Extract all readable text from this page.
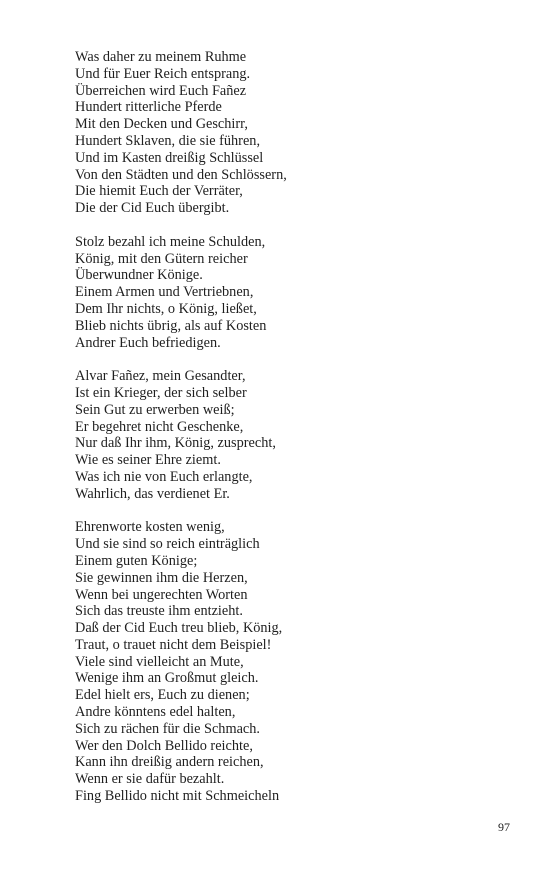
Was daher zu meinem Ruhme
Und für Euer Reich entsprang.
Überreichen wird Euch Fañez
Hundert ritterliche Pferde
Mit den Decken und Geschirr,
Hundert Sklaven, die sie führen,
Und im Kasten dreißig Schlüssel
Von den Städten und den Schlössern,
Die hiemit Euch der Verräter,
Die der Cid Euch übergibt.
Stolz bezahl ich meine Schulden,
König, mit den Gütern reicher
Überwundner Könige.
Einem Armen und Vertriebnen,
Dem Ihr nichts, o König, ließet,
Blieb nichts übrig, als auf Kosten
Andrer Euch befriedigen.
Alvar Fañez, mein Gesandter,
Ist ein Krieger, der sich selber
Sein Gut zu erwerben weiß;
Er begehret nicht Geschenke,
Nur daß Ihr ihm, König, zusprecht,
Wie es seiner Ehre ziemt.
Was ich nie von Euch erlangte,
Wahrlich, das verdienet Er.
Ehrenworte kosten wenig,
Und sie sind so reich einträglich
Einem guten Könige;
Sie gewinnen ihm die Herzen,
Wenn bei ungerechten Worten
Sich das treuste ihm entzieht.
Daß der Cid Euch treu blieb, König,
Traut, o trauet nicht dem Beispiel!
Viele sind vielleicht an Mute,
Wenige ihm an Großmut gleich.
Edel hielt ers, Euch zu dienen;
Andre könntens edel halten,
Sich zu rächen für die Schmach.
Wer den Dolch Bellido reichte,
Kann ihn dreißig andern reichen,
Wenn er sie dafür bezahlt.
Fing Bellido nicht mit Schmeicheln
97
